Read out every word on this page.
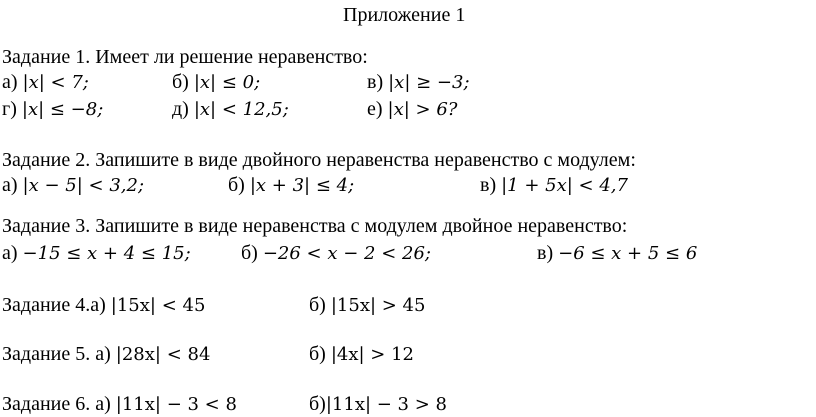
Приложение 1
Задание 1. Имеет ли решение неравенство:
а) |x| < 7;	б) |x| ≤ 0;	в) |x| ≥ −3;
г) |x| ≤ −8;	д) |x| < 12,5;	е) |x| > 6?
Задание 2. Запишите в виде двойного неравенства неравенство с модулем:
а) |x − 5| < 3,2;	б) |x + 3| ≤ 4;	в) |1 + 5x| < 4,7
Задание 3. Запишите в виде неравенства с модулем двойное неравенство:
а) −15 ≤ x + 4 ≤ 15;	б) −26 < x − 2 < 26;	в) −6 ≤ x + 5 ≤ 6
Задание 4.а) |15x| < 45	б) |15x| > 45
Задание 5. а) |28x| < 84	б) |4x| > 12
Задание 6. а) |11x| − 3 < 8	б)|11x| − 3 > 8
